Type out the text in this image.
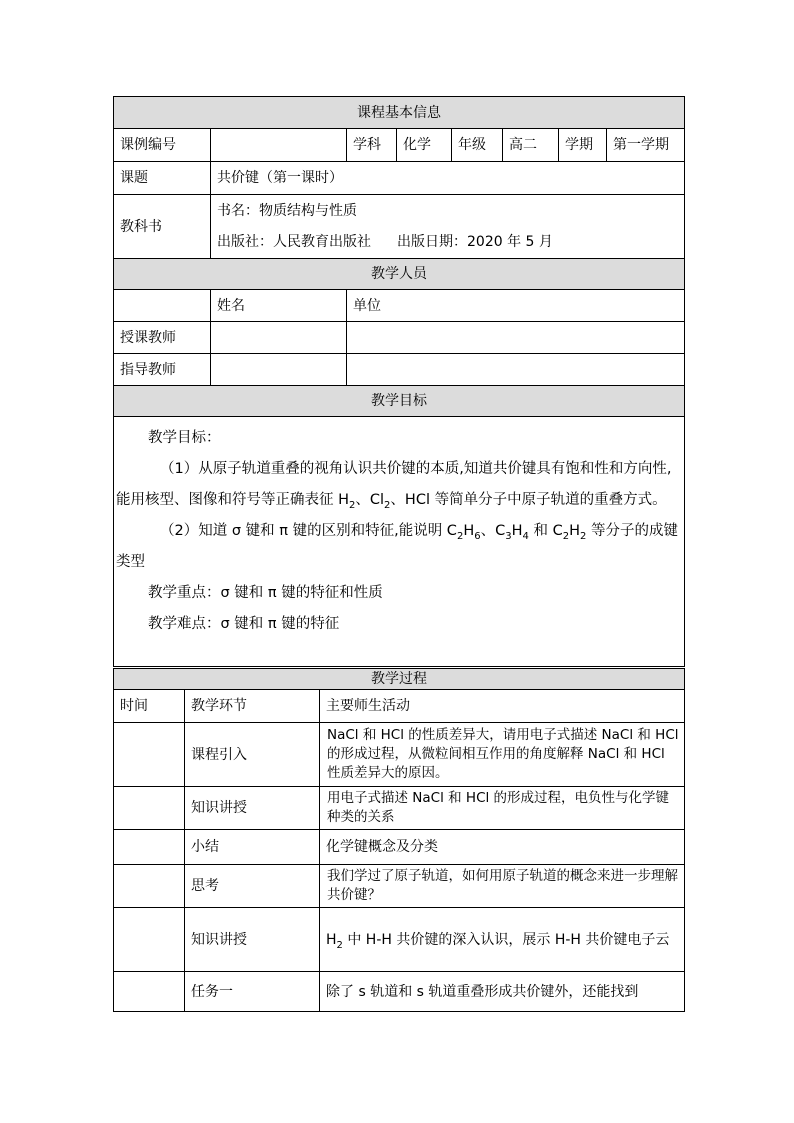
课程基本信息							
课例编号		学科	化学	年级	高二	学期	第一学期
课题	共价键（第一课时）						
教科书	书名：物质结构与性质
出版社：人民教育出版社 出版日期：2020 年 5 月						

教学人员							
	姓名	单位					
授课教师							
指导教师							
教学目标							

教学目标：

（1）从原子轨道重叠的视角认识共价键的本质,知道共价键具有饱和性和方向性,能用核型、图像和符号等正确表征 $H_2$、$Cl_2$、HCl 等简单分子中原子轨道的重叠方式。

（2）知道 σ 键和 π 键的区别和特征,能说明 $C_2H_6$、$C_3H_4$ 和 $C_2H_2$ 等分子的成键类型

教学重点：σ 键和 π 键的特征和性质

教学难点：σ 键和 π 键的特征							

教学过程		
时间	教学环节	主要师生活动
	课程引入	NaCl 和 HCl 的性质差异大，请用电子式描述 NaCl 和 HCl 的形成过程，从微粒间相互作用的角度解释 NaCl 和 HCl 性质差异大的原因。
	知识讲授	用电子式描述 NaCl 和 HCl 的形成过程，电负性与化学键种类的关系
	小结	化学键概念及分类
	思考	我们学过了原子轨道，如何用原子轨道的概念来进一步理解共价键？
	知识讲授	$H_2$ 中 H-H 共价键的深入认识，展示 H-H 共价键电子云
	任务一	除了 s 轨道和 s 轨道重叠形成共价键外，还能找到
